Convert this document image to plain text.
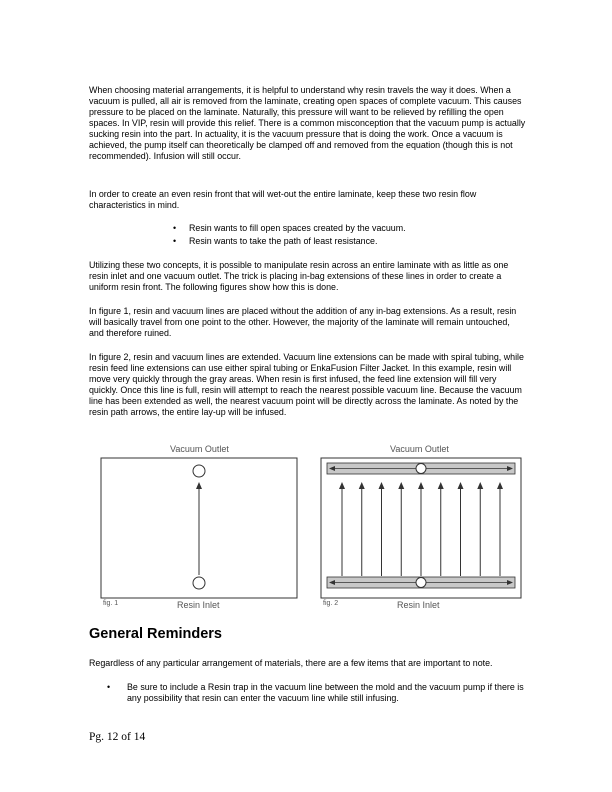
When choosing material arrangements, it is helpful to understand why resin travels the way it does. When a vacuum is pulled, all air is removed from the laminate, creating open spaces of complete vacuum. This causes pressure to be placed on the laminate. Naturally, this pressure will want to be relieved by refilling the open spaces. In VIP, resin will provide this relief. There is a common misconception that the vacuum pump is actually sucking resin into the part. In actuality, it is the vacuum pressure that is doing the work. Once a vacuum is achieved, the pump itself can theoretically be clamped off and removed from the equation (though this is not recommended). Infusion will still occur.

In order to create an even resin front that will wet-out the entire laminate, keep these two resin flow characteristics in mind.

• Resin wants to fill open spaces created by the vacuum.
• Resin wants to take the path of least resistance.

Utilizing these two concepts, it is possible to manipulate resin across an entire laminate with as little as one resin inlet and one vacuum outlet. The trick is placing in-bag extensions of these lines in order to create a uniform resin front. The following figures show how this is done.

In figure 1, resin and vacuum lines are placed without the addition of any in-bag extensions. As a result, resin will basically travel from one point to the other. However, the majority of the laminate will remain untouched, and therefore ruined.

In figure 2, resin and vacuum lines are extended. Vacuum line extensions can be made with spiral tubing, while resin feed line extensions can use either spiral tubing or EnkaFusion Filter Jacket. In this example, resin will move very quickly through the gray areas. When resin is first infused, the feed line extension will fill very quickly. Once this line is full, resin will attempt to reach the nearest possible vacuum line. Because the vacuum line has been extended as well, the nearest vacuum point will be directly across the laminate. As noted by the resin path arrows, the entire lay-up will be infused.

Vacuum Outlet
fig. 1	Resin Inlet
Vacuum Outlet
fig. 2	Resin Inlet
General Reminders

Regardless of any particular arrangement of materials, there are a few items that are important to note.

• Be sure to include a Resin trap in the vacuum line between the mold and the vacuum pump if there is any possibility that resin can enter the vacuum line while still infusing.

Pg. 12 of 14
